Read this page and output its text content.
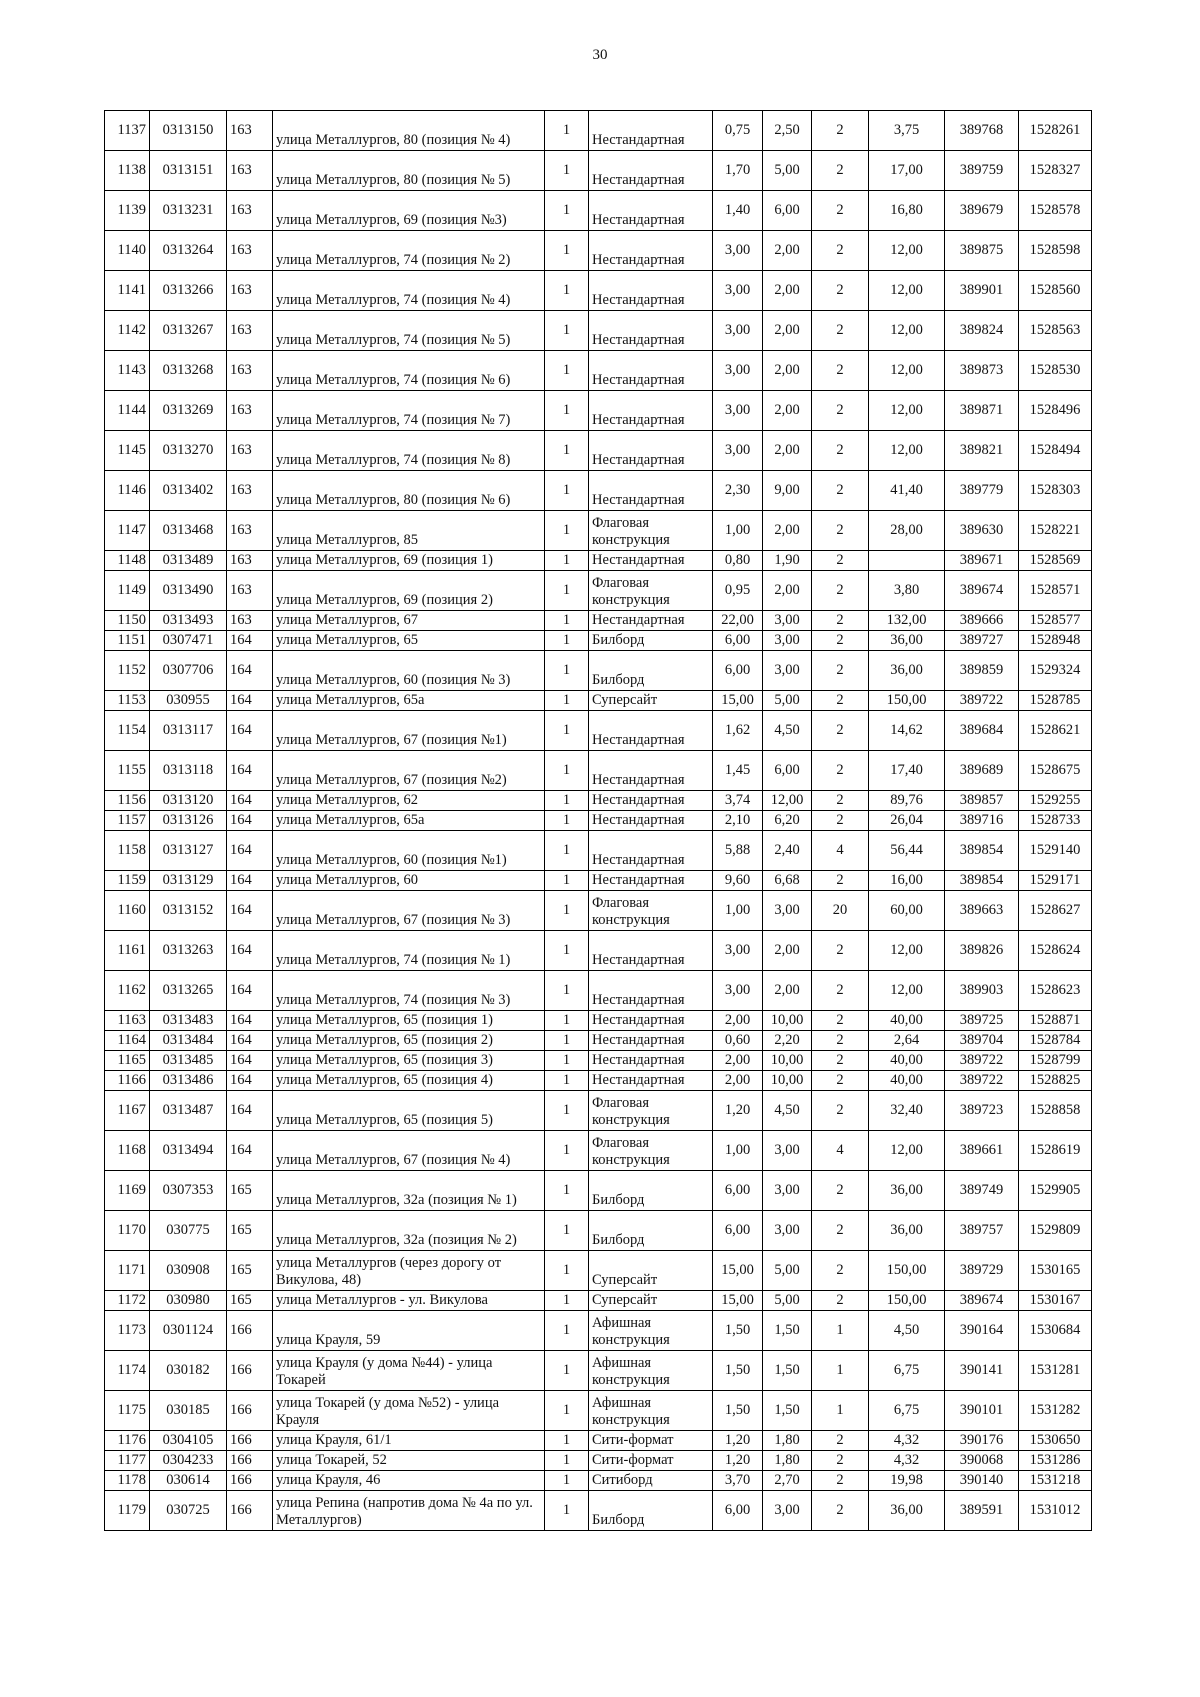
30
1137	0313150	163	улица Металлургов, 80 (позиция № 4)	1	Нестандартная	0,75	2,50	2	3,75	389768	1528261
1138	0313151	163	улица Металлургов, 80 (позиция № 5)	1	Нестандартная	1,70	5,00	2	17,00	389759	1528327
1139	0313231	163	улица Металлургов, 69 (позиция №3)	1	Нестандартная	1,40	6,00	2	16,80	389679	1528578
1140	0313264	163	улица Металлургов, 74 (позиция № 2)	1	Нестандартная	3,00	2,00	2	12,00	389875	1528598
1141	0313266	163	улица Металлургов, 74 (позиция № 4)	1	Нестандартная	3,00	2,00	2	12,00	389901	1528560
1142	0313267	163	улица Металлургов, 74 (позиция № 5)	1	Нестандартная	3,00	2,00	2	12,00	389824	1528563
1143	0313268	163	улица Металлургов, 74 (позиция № 6)	1	Нестандартная	3,00	2,00	2	12,00	389873	1528530
1144	0313269	163	улица Металлургов, 74 (позиция № 7)	1	Нестандартная	3,00	2,00	2	12,00	389871	1528496
1145	0313270	163	улица Металлургов, 74 (позиция № 8)	1	Нестандартная	3,00	2,00	2	12,00	389821	1528494
1146	0313402	163	улица Металлургов, 80 (позиция № 6)	1	Нестандартная	2,30	9,00	2	41,40	389779	1528303
1147	0313468	163	улица Металлургов, 85	1	Флаговая конструкция	1,00	2,00	2	28,00	389630	1528221
1148	0313489	163	улица Металлургов, 69 (позиция 1)	1	Нестандартная	0,80	1,90	2		389671	1528569
1149	0313490	163	улица Металлургов, 69 (позиция 2)	1	Флаговая конструкция	0,95	2,00	2	3,80	389674	1528571
1150	0313493	163	улица Металлургов, 67	1	Нестандартная	22,00	3,00	2	132,00	389666	1528577
1151	0307471	164	улица Металлургов, 65	1	Билборд	6,00	3,00	2	36,00	389727	1528948
1152	0307706	164	улица Металлургов, 60 (позиция № 3)	1	Билборд	6,00	3,00	2	36,00	389859	1529324
1153	030955	164	улица Металлургов, 65а	1	Суперсайт	15,00	5,00	2	150,00	389722	1528785
1154	0313117	164	улица Металлургов, 67 (позиция №1)	1	Нестандартная	1,62	4,50	2	14,62	389684	1528621
1155	0313118	164	улица Металлургов, 67 (позиция №2)	1	Нестандартная	1,45	6,00	2	17,40	389689	1528675
1156	0313120	164	улица Металлургов, 62	1	Нестандартная	3,74	12,00	2	89,76	389857	1529255
1157	0313126	164	улица Металлургов, 65а	1	Нестандартная	2,10	6,20	2	26,04	389716	1528733
1158	0313127	164	улица Металлургов, 60 (позиция №1)	1	Нестандартная	5,88	2,40	4	56,44	389854	1529140
1159	0313129	164	улица Металлургов, 60	1	Нестандартная	9,60	6,68	2	16,00	389854	1529171
1160	0313152	164	улица Металлургов, 67 (позиция № 3)	1	Флаговая конструкция	1,00	3,00	20	60,00	389663	1528627
1161	0313263	164	улица Металлургов, 74 (позиция № 1)	1	Нестандартная	3,00	2,00	2	12,00	389826	1528624
1162	0313265	164	улица Металлургов, 74 (позиция № 3)	1	Нестандартная	3,00	2,00	2	12,00	389903	1528623
1163	0313483	164	улица Металлургов, 65 (позиция 1)	1	Нестандартная	2,00	10,00	2	40,00	389725	1528871
1164	0313484	164	улица Металлургов, 65 (позиция 2)	1	Нестандартная	0,60	2,20	2	2,64	389704	1528784
1165	0313485	164	улица Металлургов, 65 (позиция 3)	1	Нестандартная	2,00	10,00	2	40,00	389722	1528799
1166	0313486	164	улица Металлургов, 65 (позиция 4)	1	Нестандартная	2,00	10,00	2	40,00	389722	1528825
1167	0313487	164	улица Металлургов, 65 (позиция 5)	1	Флаговая конструкция	1,20	4,50	2	32,40	389723	1528858
1168	0313494	164	улица Металлургов, 67 (позиция № 4)	1	Флаговая конструкция	1,00	3,00	4	12,00	389661	1528619
1169	0307353	165	улица Металлургов, 32а (позиция № 1)	1	Билборд	6,00	3,00	2	36,00	389749	1529905
1170	030775	165	улица Металлургов, 32а (позиция № 2)	1	Билборд	6,00	3,00	2	36,00	389757	1529809
1171	030908	165	улица Металлургов (через дорогу от Викулова, 48)	1	Суперсайт	15,00	5,00	2	150,00	389729	1530165
1172	030980	165	улица Металлургов - ул. Викулова	1	Суперсайт	15,00	5,00	2	150,00	389674	1530167
1173	0301124	166	улица Крауля, 59	1	Афишная конструкция	1,50	1,50	1	4,50	390164	1530684
1174	030182	166	улица Крауля (у дома №44) - улица Токарей	1	Афишная конструкция	1,50	1,50	1	6,75	390141	1531281
1175	030185	166	улица Токарей (у дома №52) - улица Крауля	1	Афишная конструкция	1,50	1,50	1	6,75	390101	1531282
1176	0304105	166	улица Крауля, 61/1	1	Сити-формат	1,20	1,80	2	4,32	390176	1530650
1177	0304233	166	улица Токарей, 52	1	Сити-формат	1,20	1,80	2	4,32	390068	1531286
1178	030614	166	улица Крауля, 46	1	Ситиборд	3,70	2,70	2	19,98	390140	1531218
1179	030725	166	улица Репина (напротив дома № 4а по ул. Металлургов)	1	Билборд	6,00	3,00	2	36,00	389591	1531012
